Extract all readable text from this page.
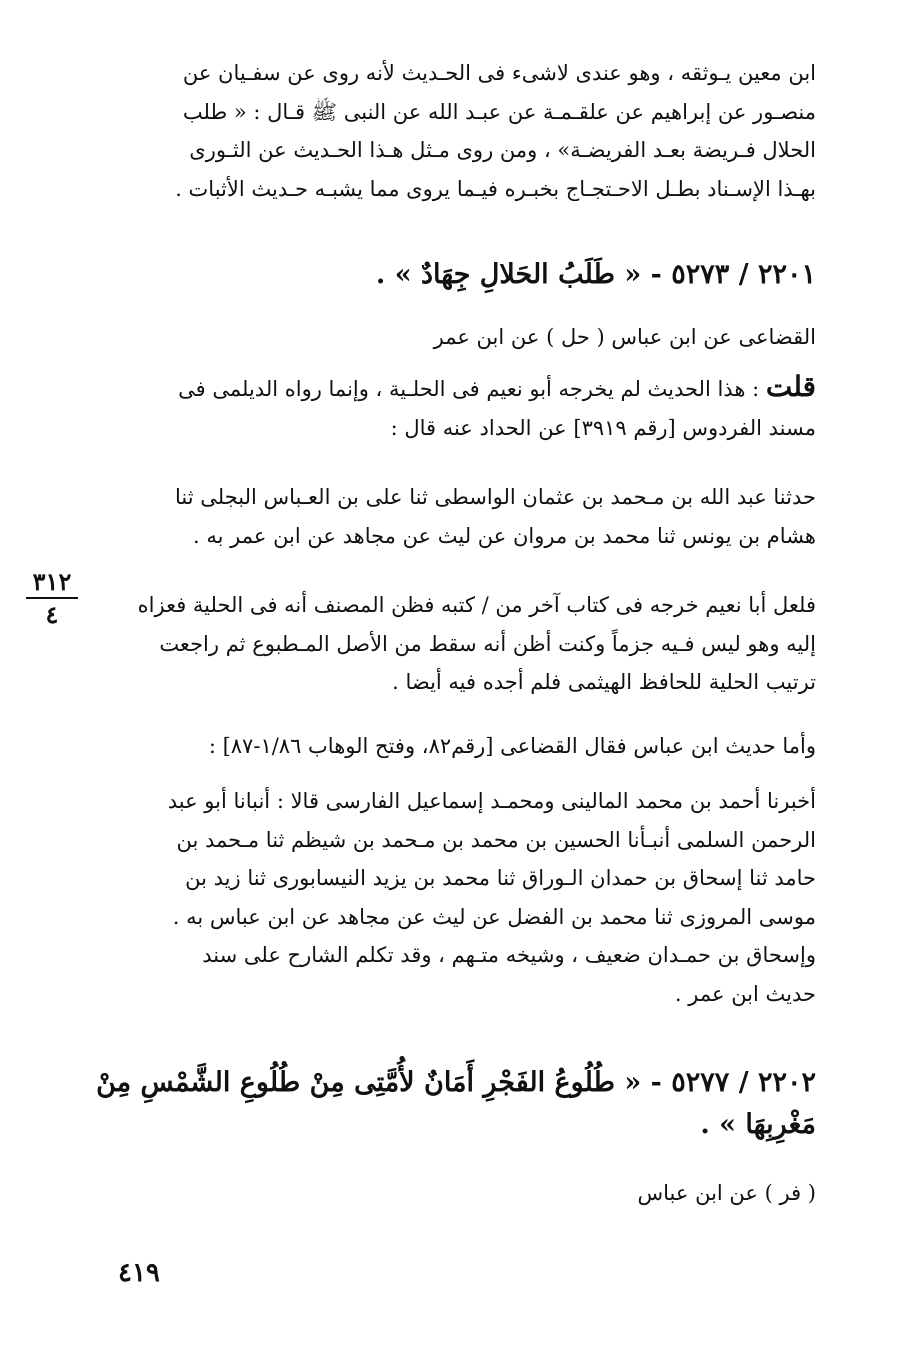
ابن معين يـوثقه ، وهو عندى لاشىء فى الحـديث لأنه روى عن سفـيان عن
منصـور عن إبراهيم عن علقـمـة عن عبـد الله عن النبى ﷺ قـال : « طلب
الحلال فـريضة بعـد الفريضـة» ، ومن روى مـثل هـذا الحـديث عن الثـورى
بهـذا الإسـناد بطـل الاحـتجـاج بخبـره فيـما يروى مما يشبـه حـديث الأثبات .
٢٢٠١ / ٥٢٧٣ - « طَلَبُ الحَلالِ جِهَادٌ » .
القضاعى عن ابن عباس ( حل ) عن ابن عمر
قلت : هذا الحديث لم يخرجه أبو نعيم فى الحلـية ، وإنما رواه الديلمى فى
مسند الفردوس [رقم ٣٩١٩] عن الحداد عنه قال :
حدثنا عبد الله بن مـحمد بن عثمان الواسطى ثنا على بن العـباس البجلى ثنا
هشام بن يونس ثنا محمد بن مروان عن ليث عن مجاهد عن ابن عمر به .
فلعل أبا نعيم خرجه فى كتاب آخر من / كتبه فظن المصنف أنه فى الحلية فعزاه
إليه وهو ليس فـيه جزماً وكنت أظن أنه سقط من الأصل المـطبوع ثم راجعت
ترتيب الحلية للحافظ الهيثمى فلم أجده فيه أيضا .
وأما حديث ابن عباس فقال القضاعى [رقم٨٢، وفتح الوهاب ١/٨٦-٨٧] :
أخبرنا أحمد بن محمد المالينى ومحمـد إسماعيل الفارسى قالا : أنبانا أبو عبد
الرحمن السلمى أنبـأنا الحسين بن محمد بن مـحمد بن شيظم ثنا مـحمد بن
حامد ثنا إسحاق بن حمدان الـوراق ثنا محمد بن يزيد النيسابورى ثنا زيد بن
موسى المروزى ثنا محمد بن الفضل عن ليث عن مجاهد عن ابن عباس به .
وإسحاق بن حمـدان ضعيف ، وشيخه متـهم ، وقد تكلم الشارح على سند
حديث ابن عمر .
٢٢٠٢ / ٥٢٧٧ - « طُلُوعُ الفَجْرِ أَمَانٌ لأُمَّتِى مِنْ طُلُوعِ الشَّمْسِ مِنْ
مَغْرِبِهَا » .
( فر ) عن ابن عباس
٣١٢
٤
٤١٩
